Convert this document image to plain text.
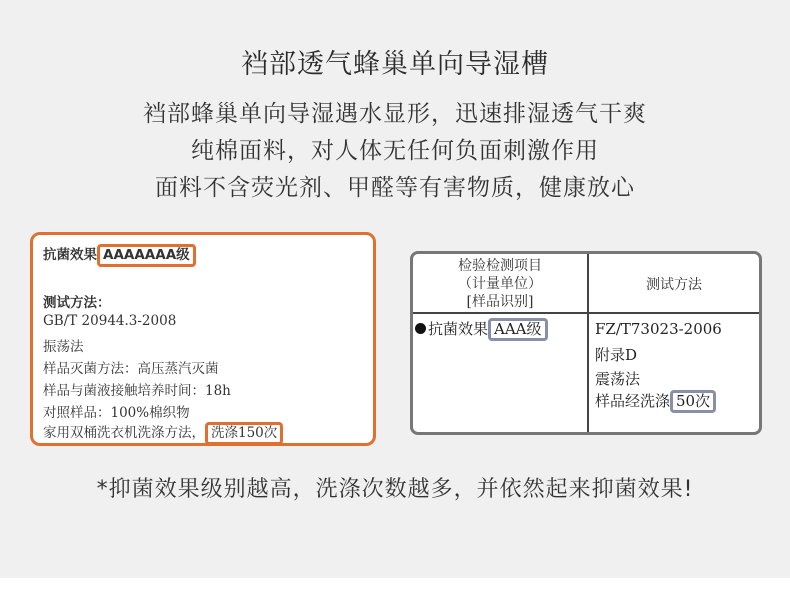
裆部透气蜂巢单向导湿槽
裆部蜂巢单向导湿遇水显形，迅速排湿透气干爽
纯棉面料，对人体无任何负面刺激作用
面料不含荧光剂、甲醛等有害物质，健康放心
抗菌效果 AAAAAAA级
测试方法：
GB/T 20944.3-2008
振荡法
样品灭菌方法：高压蒸汽灭菌
样品与菌液接触培养时间：18h
对照样品：100%棉织物
家用双桶洗衣机洗涤方法， 洗涤150次
检验检测项目
（计量单位）
[样品识别]
测试方法
抗菌效果 AAA级	FZ/T73023-2006
附录D
震荡法
样品经洗涤 50次
*抑菌效果级别越高，洗涤次数越多，并依然起来抑菌效果!
